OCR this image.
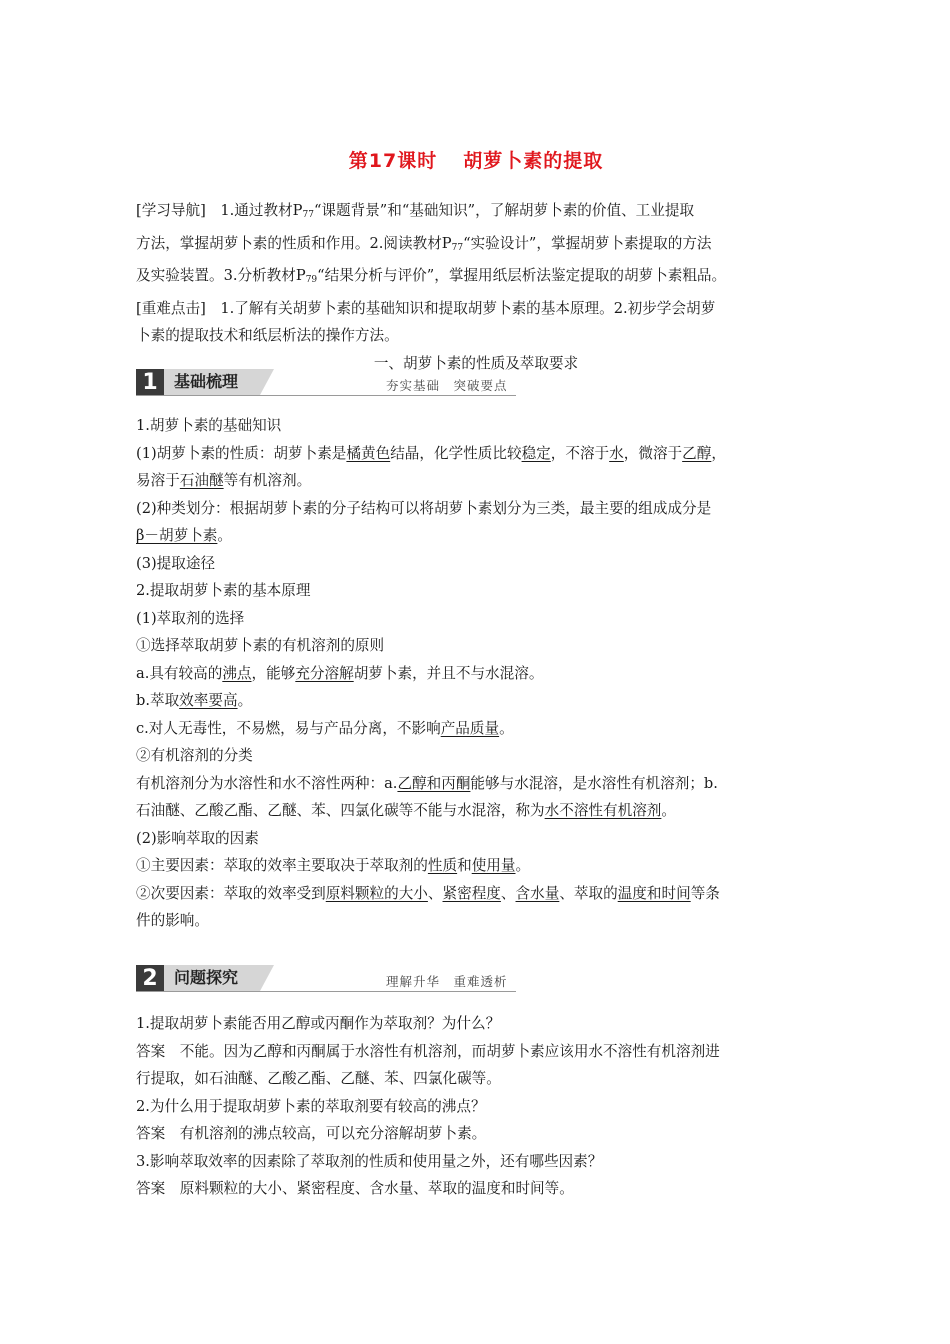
第17课时 胡萝卜素的提取

[学习导航]　 1.通过教材$P_{77}“$课题背景”和“基础知识”，了解胡萝卜素的价值、工业提取

方法，掌握胡萝卜素的性质和作用。2.阅读教材$P_{77}“$实验设计”，掌握胡萝卜素提取的方法

及实验装置。3.分析教材$P_{79}“$结果分析与评价”，掌握用纸层析法鉴定提取的胡萝卜素粗品。

[重难点击]　 1.了解有关胡萝卜素的基础知识和提取胡萝卜素的基本原理。2.初步学会胡萝

卜素的提取技术和纸层析法的操作方法。

一、胡萝卜素的性质及萃取要求

1	基础梳理	夯实基础　突破要点

1.胡萝卜素的基础知识

(1)胡萝卜素的性质：胡萝卜素是橘黄色结晶，化学性质比较稳定，不溶于水，微溶于乙醇，

易溶于石油醚等有机溶剂。

(2)种类划分：根据胡萝卜素的分子结构可以将胡萝卜素划分为三类，最主要的组成成分是

β－胡萝卜素。

(3)提取途径

2.提取胡萝卜素的基本原理

(1)萃取剂的选择

①选择萃取胡萝卜素的有机溶剂的原则

a.具有较高的沸点，能够充分溶解胡萝卜素，并且不与水混溶。

b.萃取效率要高。

c.对人无毒性，不易燃，易与产品分离，不影响产品质量。

②有机溶剂的分类

有机溶剂分为水溶性和水不溶性两种：a.乙醇和丙酮能够与水混溶，是水溶性有机溶剂；b.

石油醚、乙酸乙酯、乙醚、苯、四氯化碳等不能与水混溶，称为水不溶性有机溶剂。

(2)影响萃取的因素

①主要因素：萃取的效率主要取决于萃取剂的性质和使用量。

②次要因素：萃取的效率受到原料颗粒的大小、紧密程度、含水量、萃取的温度和时间等条

件的影响。

2	问题探究	理解升华　重难透析

1.提取胡萝卜素能否用乙醇或丙酮作为萃取剂？为什么？

答案　不能。因为乙醇和丙酮属于水溶性有机溶剂，而胡萝卜素应该用水不溶性有机溶剂进

行提取，如石油醚、乙酸乙酯、乙醚、苯、四氯化碳等。

2.为什么用于提取胡萝卜素的萃取剂要有较高的沸点？

答案　有机溶剂的沸点较高，可以充分溶解胡萝卜素。

3.影响萃取效率的因素除了萃取剂的性质和使用量之外，还有哪些因素？

答案　原料颗粒的大小、紧密程度、含水量、萃取的温度和时间等。
